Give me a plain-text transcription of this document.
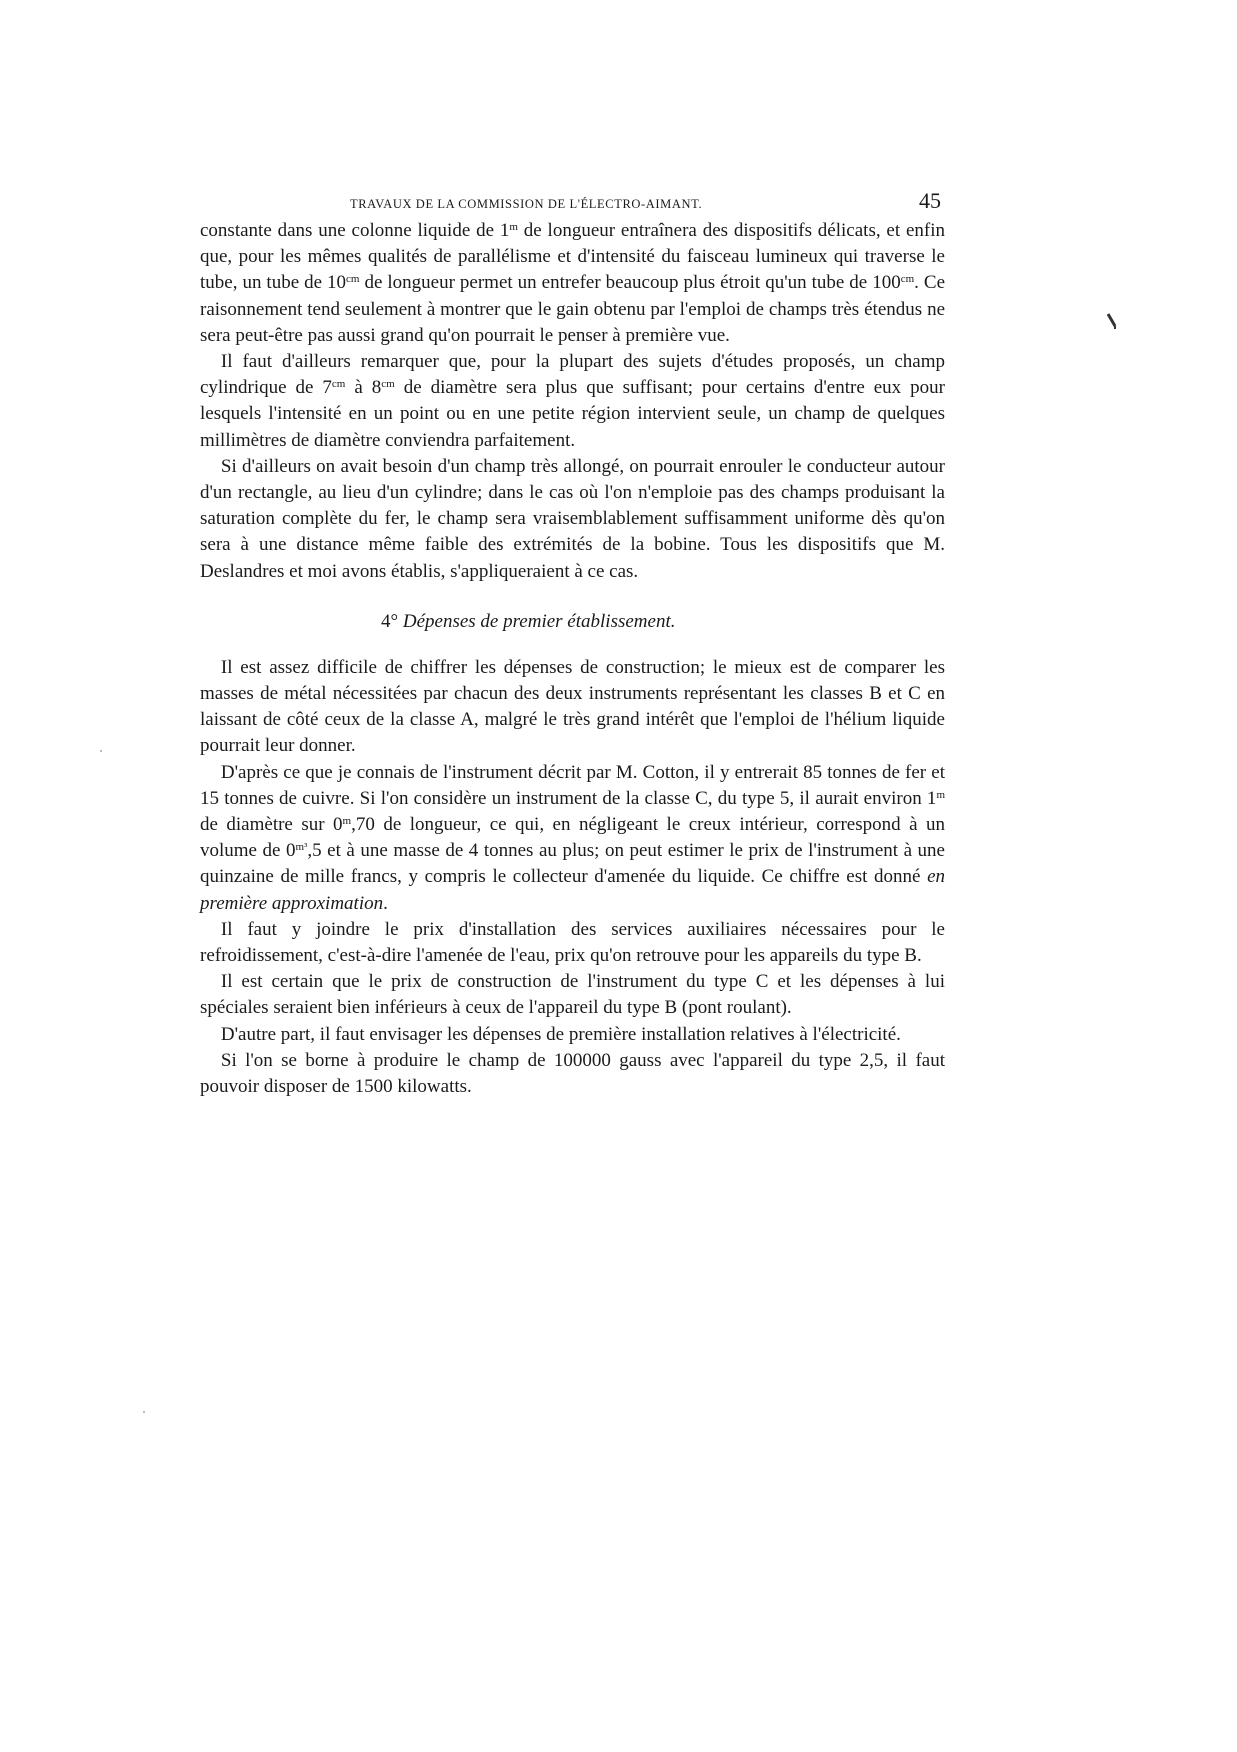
TRAVAUX DE LA COMMISSION DE L'ÉLECTRO-AIMANT.	45

constante dans une colonne liquide de 1$^m$ de longueur entraînera des dispositifs délicats, et enfin que, pour les mêmes qualités de parallélisme et d'intensité du faisceau lumineux qui traverse le tube, un tube de $10^{cm}$ de longueur permet un entrefer beaucoup plus étroit qu'un tube de $100^{cm}$. Ce raisonnement tend seulement à montrer que le gain obtenu par l'emploi de champs très étendus ne sera peut-être pas aussi grand qu'on pourrait le penser à première vue.

Il faut d'ailleurs remarquer que, pour la plupart des sujets d'études proposés, un champ cylindrique de $7^{cm}$ à $8^{cm}$ de diamètre sera plus que suffisant; pour certains d'entre eux pour lesquels l'intensité en un point ou en une petite région intervient seule, un champ de quelques millimètres de diamètre conviendra parfaitement.

Si d'ailleurs on avait besoin d'un champ très allongé, on pourrait enrouler le conducteur autour d'un rectangle, au lieu d'un cylindre; dans le cas où l'on n'emploie pas des champs produisant la saturation complète du fer, le champ sera vraisemblablement suffisamment uniforme dès qu'on sera à une distance même faible des extrémités de la bobine. Tous les dispositifs que M. Deslandres et moi avons établis, s'appliqueraient à ce cas.

4° Dépenses de premier établissement.

Il est assez difficile de chiffrer les dépenses de construction; le mieux est de comparer les masses de métal nécessitées par chacun des deux instruments représentant les classes B et C en laissant de côté ceux de la classe A, malgré le très grand intérêt que l'emploi de l'hélium liquide pourrait leur donner.

D'après ce que je connais de l'instrument décrit par M. Cotton, il y entrerait 85 tonnes de fer et 15 tonnes de cuivre. Si l'on considère un instrument de la classe C, du type 5, il aurait environ 1$^m$ de diamètre sur 0$^m$,70 de longueur, ce qui, en négligeant le creux intérieur, correspond à un volume de $0^{m^3},5$ et à une masse de 4 tonnes au plus; on peut estimer le prix de l'instrument à une quinzaine de mille francs, y compris le collecteur d'amenée du liquide. Ce chiffre est donné en première approximation.

Il faut y joindre le prix d'installation des services auxiliaires nécessaires pour le refroidissement, c'est-à-dire l'amenée de l'eau, prix qu'on retrouve pour les appareils du type B.

Il est certain que le prix de construction de l'instrument du type C et les dépenses à lui spéciales seraient bien inférieurs à ceux de l'appareil du type B (pont roulant).

D'autre part, il faut envisager les dépenses de première installation relatives à l'électricité.

Si l'on se borne à produire le champ de 100000 gauss avec l'appareil du type 2,5, il faut pouvoir disposer de 1500 kilowatts.
